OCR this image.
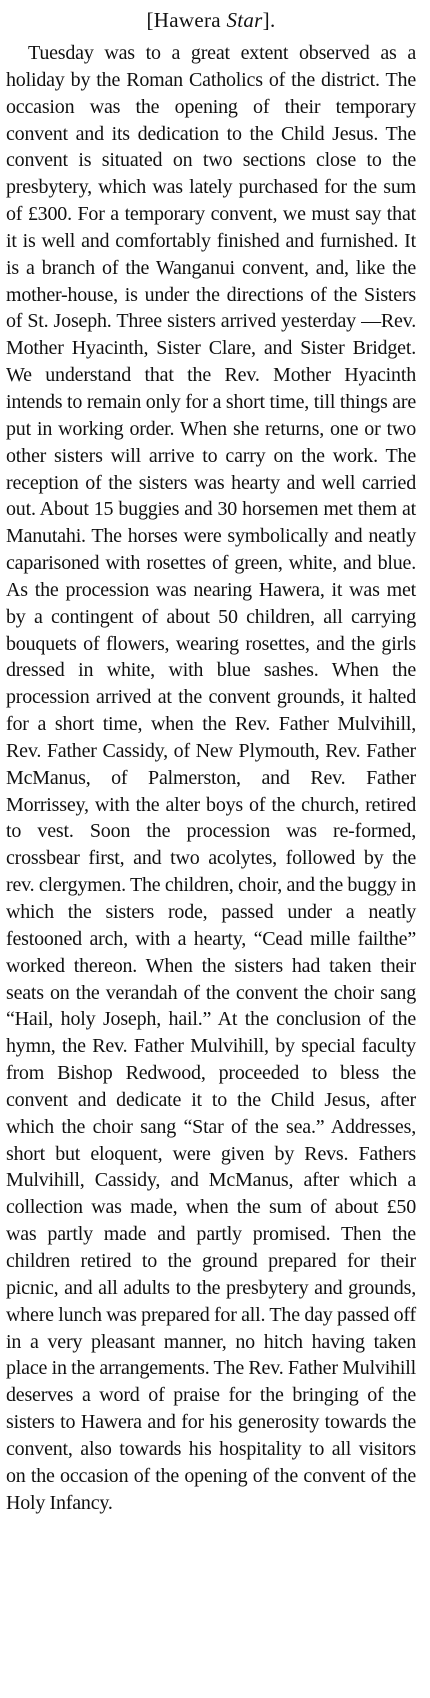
[Hawera Star].

Tuesday was to a great extent observed as a holiday by the Roman Catholics of the district. The occasion was the opening of their temporary convent and its dedication to the Child Jesus. The convent is situated on two sections close to the presbytery, which was lately purchased for the sum of £300. For a temporary convent, we must say that it is well and comfortably finished and furnished. It is a branch of the Wanganui convent, and, like the mother-house, is under the directions of the Sisters of St. Joseph. Three sisters arrived yesterday —Rev. Mother Hyacinth, Sister Clare, and Sister Bridget. We understand that the Rev. Mother Hyacinth intends to remain only for a short time, till things are put in working order. When she returns, one or two other sisters will arrive to carry on the work. The reception of the sisters was hearty and well carried out. About 15 buggies and 30 horsemen met them at Manutahi. The horses were symbolically and neatly caparisoned with rosettes of green, white, and blue. As the procession was nearing Hawera, it was met by a contingent of about 50 children, all carrying bouquets of flowers, wearing rosettes, and the girls dressed in white, with blue sashes. When the procession arrived at the convent grounds, it halted for a short time, when the Rev. Father Mulvihill, Rev. Father Cassidy, of New Plymouth, Rev. Father McManus, of Palmerston, and Rev. Father Morrissey, with the alter boys of the church, retired to vest. Soon the procession was re-formed, crossbear first, and two acolytes, followed by the rev. clergymen. The children, choir, and the buggy in which the sisters rode, passed under a neatly festooned arch, with a hearty, “Cead mille failthe” worked thereon. When the sisters had taken their seats on the verandah of the convent the choir sang “Hail, holy Joseph, hail.” At the conclusion of the hymn, the Rev. Father Mulvihill, by special faculty from Bishop Redwood, proceeded to bless the convent and dedicate it to the Child Jesus, after which the choir sang “Star of the sea.” Addresses, short but eloquent, were given by Revs. Fathers Mulvihill, Cassidy, and McManus, after which a collection was made, when the sum of about £50 was partly made and partly promised. Then the children retired to the ground prepared for their picnic, and all adults to the presbytery and grounds, where lunch was prepared for all. The day passed off in a very pleasant manner, no hitch having taken place in the arrangements. The Rev. Father Mulvihill deserves a word of praise for the bringing of the sisters to Hawera and for his generosity towards the convent, also towards his hospitality to all visitors on the occasion of the opening of the convent of the Holy Infancy.
